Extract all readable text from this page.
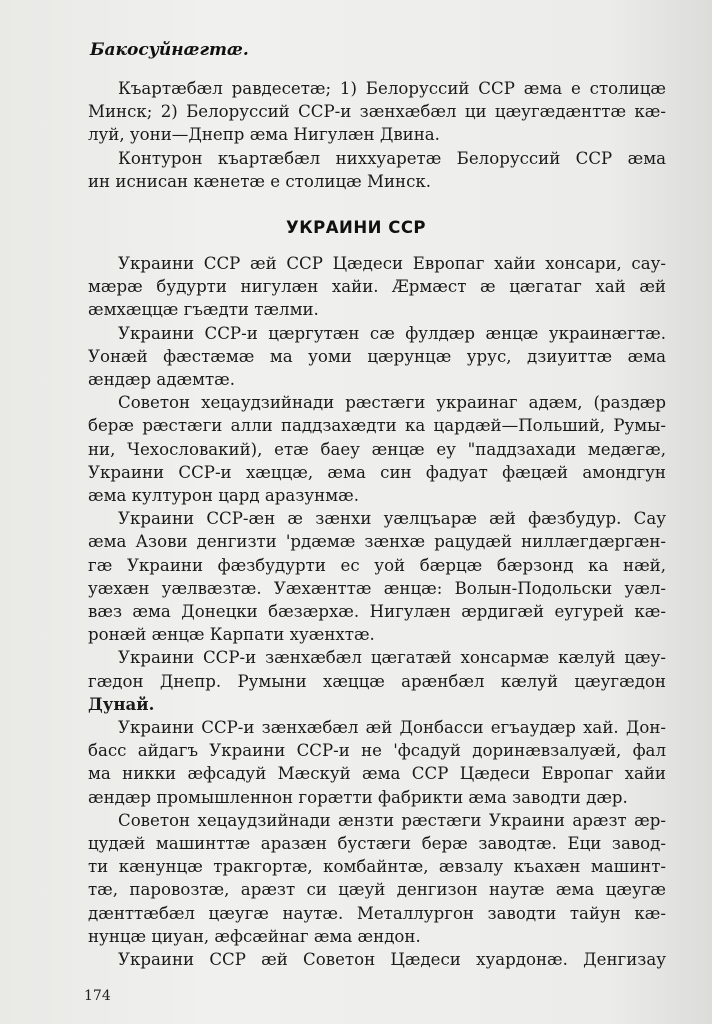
Бакосуйнæгтæ.
Къартæбæл равдесетæ; 1) Белоруссий ССР æма е столицæ
Минск; 2) Белоруссий ССР-и зæнхæбæл ци цæугæдæнттæ кæ-
луй, уони—Днепр æма Нигулæн Двина.
Контурон къартæбæл ниххуаретæ Белоруссий ССР æма
ин иснисан кæнетæ е столицæ Минск.
УКРАИНИ ССР
Украини ССР æй ССР Цæдеси Европаг хайи хонсари, сау-
мæрæ будурти нигулæн хайи. Æрмæст æ цæгатаг хай æй
æмхæццæ гъæдти тæлми.
Украини ССР-и цæргутæн сæ фулдæр æнцæ украинæгтæ.
Уонæй фæстæмæ ма уоми цæрунцæ урус, дзиуиттæ æма
æндæр адæмтæ.
Советон хецаудзийнади рæстæги украинаг адæм, (раздæр
берæ рæстæги алли паддзахæдти ка цардæй—Польший, Румы-
ни, Чехословакий), етæ баеу æнцæ еу "паддзахади медæгæ,
Украини ССР-и хæццæ, æма син фадуат фæцæй амондгун
æма културон цард аразунмæ.
Украини ССР-æн æ зæнхи уæлцъарæ æй фæзбудур. Сау
æма Азови денгизти 'рдæмæ зæнхæ рацудæй ниллæгдæргæн-
гæ Украини фæзбудурти ес уой бæрцæ бæрзонд ка нæй,
уæхæн уæлвæзтæ. Уæхæнттæ æнцæ: Волын-Подольски уæл-
вæз æма Донецки бæзæрхæ. Нигулæн æрдигæй еугурей кæ-
ронæй æнцæ Карпати хуæнхтæ.
Украини ССР-и зæнхæбæл цæгатæй хонсармæ кæлуй цæу-
гæдон Днепр. Румыни хæццæ арæнбæл кæлуй цæугæдон
Дунай.
Украини ССР-и зæнхæбæл æй Донбасси егъаудæр хай. Дон-
басс айдагъ Украини ССР-и не 'фсадуй доринæвзалуæй, фал
ма никки æфсадуй Мæскуй æма ССР Цæдеси Европаг хайи
æндæр промышленнон горæтти фабрикти æма заводти дæр.
Советон хецаудзийнади æнзти рæстæги Украини арæзт æр-
цудæй машинттæ аразæн бустæги берæ заводтæ. Еци завод-
ти кæнунцæ тракгортæ, комбайнтæ, æвзалу къахæн машинт-
тæ, паровозтæ, арæзт си цæуй денгизон наутæ æма цæугæ
дæнттæбæл цæугæ наутæ. Металлургон заводти тайун кæ-
нунцæ циуан, æфсæйнаг æма æндон.
Украини ССР æй Советон Цæдеси хуардонæ. Денгизау
174
